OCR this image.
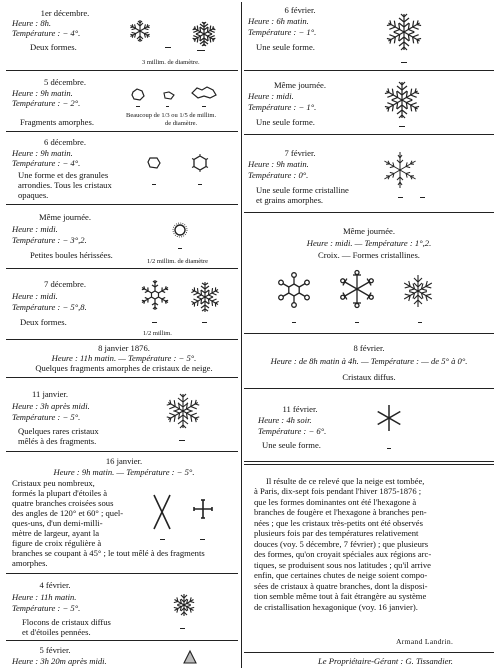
1er décembre.
Heure : 8h.
Température : − 4°.
Deux formes.
3 millim. de diamètre.
5 décembre.
Heure : 9h matin.
Température : − 2°.
Fragments amorphes.
Beaucoup de 1/3 ou 1/5 de millim.
de diamètre.
6 décembre.
Heure : 9h matin.
Température : − 4°.
Une forme et des granules
arrondies. Tous les cristaux
opaques.
Même journée.
Heure : midi.
Température : − 3°,2.
Petites boules hérissées.
1/2 millim. de diamètre
7 décembre.
Heure : midi.
Température : − 5°,8.
Deux formes.
1/2 millim.
8 janvier 1876.
Heure : 11h matin. — Température : − 5°.
Quelques fragments amorphes de cristaux de neige.
11 janvier.
Heure : 3h après midi.
Température : − 5°.
Quelques rares cristaux
mêlés à des fragments.
16 janvier.
Heure : 9h matin. — Température : − 5°.
Cristaux peu nombreux,
formés la plupart d'étoiles à
quatre branches croisées sous
des angles de 120° et 60° ; quel-
ques-uns, d'un demi-milli-
mètre de largeur, ayant la
figure de croix régulière à
branches se coupant à 45° ; le tout mêlé à des fragments
amorphes.
4 février.
Heure : 11h matin.
Température : − 5°.
Flocons de cristaux diffus
et d'étoiles pennées.
5 février.
Heure : 3h 20m après midi.
6 février.
Heure : 6h matin.
Température : − 1°.
Une seule forme.
Même journée.
Heure : midi.
Température : − 1°.
Une seule forme.
7 février.
Heure : 9h matin.
Température : 0°.
Une seule forme cristalline
et grains amorphes.
Même journée.
Heure : midi. — Température : 1°,2.
Croix. — Formes cristallines.
8 février.
Heure : de 8h matin à 4h. — Température : — de 5° à 0°.
Cristaux diffus.
11 février.
Heure : 4h soir.
Température : − 6°.
Une seule forme.
Il résulte de ce relevé que la neige est tombée,
à Paris, dix-sept fois pendant l'hiver 1875-1876 ;
que les formes dominantes ont été l'hexagone à
branches de fougère et l'hexagone à branches pen-
nées ; que les cristaux très-petits ont été observés
plusieurs fois par des températures relativement
douces (voy. 5 décembre, 7 février) ; que plusieurs
des formes, qu'on croyait spéciales aux régions arc-
tiques, se produisent sous nos latitudes ; qu'il arrive
enfin, que certaines chutes de neige soient compo-
sées de cristaux à quatre branches, dont la disposi-
tion semble même tout à fait étrangère au système
de cristallisation hexagonique (voy. 16 janvier).
Armand Landrin.
Le Propriétaire-Gérant : G. Tissandier.
